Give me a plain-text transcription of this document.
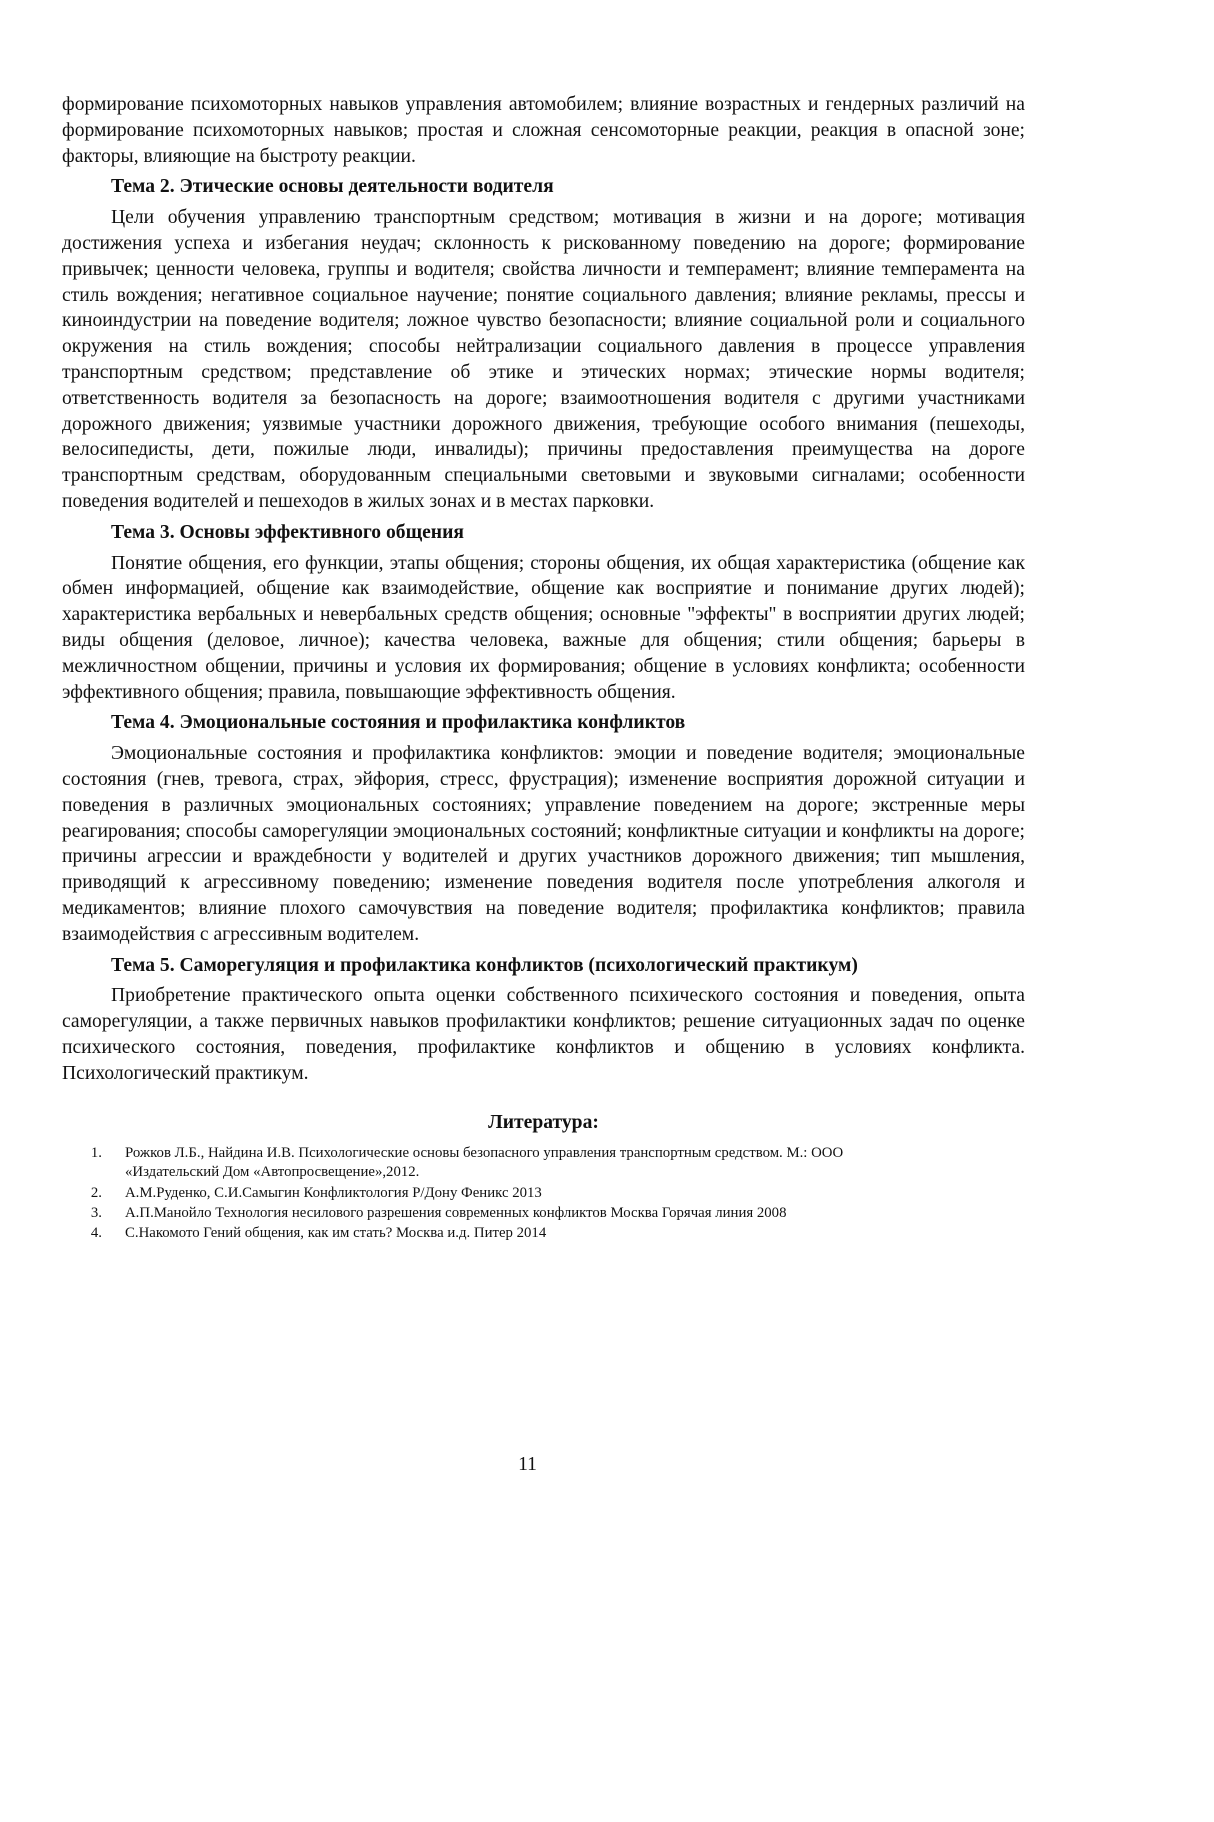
формирование психомоторных навыков управления автомобилем; влияние возрастных и гендерных различий на формирование психомоторных навыков; простая и сложная сенсомоторные реакции, реакция в опасной зоне; факторы, влияющие на быстроту реакции.

Тема 2. Этические основы деятельности водителя

Цели обучения управлению транспортным средством; мотивация в жизни и на дороге; мотивация достижения успеха и избегания неудач; склонность к рискованному поведению на дороге; формирование привычек; ценности человека, группы и водителя; свойства личности и темперамент; влияние темперамента на стиль вождения; негативное социальное научение; понятие социального давления; влияние рекламы, прессы и киноиндустрии на поведение водителя; ложное чувство безопасности; влияние социальной роли и социального окружения на стиль вождения; способы нейтрализации социального давления в процессе управления транспортным средством; представление об этике и этических нормах; этические нормы водителя; ответственность водителя за безопасность на дороге; взаимоотношения водителя с другими участниками дорожного движения; уязвимые участники дорожного движения, требующие особого внимания (пешеходы, велосипедисты, дети, пожилые люди, инвалиды); причины предоставления преимущества на дороге транспортным средствам, оборудованным специальными световыми и звуковыми сигналами; особенности поведения водителей и пешеходов в жилых зонах и в местах парковки.

Тема 3. Основы эффективного общения

Понятие общения, его функции, этапы общения; стороны общения, их общая характеристика (общение как обмен информацией, общение как взаимодействие, общение как восприятие и понимание других людей); характеристика вербальных и невербальных средств общения; основные "эффекты" в восприятии других людей; виды общения (деловое, личное); качества человека, важные для общения; стили общения; барьеры в межличностном общении, причины и условия их формирования; общение в условиях конфликта; особенности эффективного общения; правила, повышающие эффективность общения.

Тема 4. Эмоциональные состояния и профилактика конфликтов

Эмоциональные состояния и профилактика конфликтов: эмоции и поведение водителя; эмоциональные состояния (гнев, тревога, страх, эйфория, стресс, фрустрация); изменение восприятия дорожной ситуации и поведения в различных эмоциональных состояниях; управление поведением на дороге; экстренные меры реагирования; способы саморегуляции эмоциональных состояний; конфликтные ситуации и конфликты на дороге; причины агрессии и враждебности у водителей и других участников дорожного движения; тип мышления, приводящий к агрессивному поведению; изменение поведения водителя после употребления алкоголя и медикаментов; влияние плохого самочувствия на поведение водителя; профилактика конфликтов; правила взаимодействия с агрессивным водителем.

Тема 5. Саморегуляция и профилактика конфликтов (психологический практикум)

Приобретение практического опыта оценки собственного психического состояния и поведения, опыта саморегуляции, а также первичных навыков профилактики конфликтов; решение ситуационных задач по оценке психического состояния, поведения, профилактике конфликтов и общению в условиях конфликта. Психологический практикум.

Литература:
1.	Рожков Л.Б., Найдина И.В. Психологические основы безопасного управления транспортным средством. М.: ООО «Издательский Дом «Автопросвещение»,2012.
2.	А.М.Руденко, С.И.Самыгин Конфликтология Р/Дону Феникс 2013
3.	А.П.Манойло Технология несилового разрешения современных конфликтов Москва Горячая линия 2008
4.	С.Накомото Гений общения, как им стать? Москва и.д. Питер 2014
11
